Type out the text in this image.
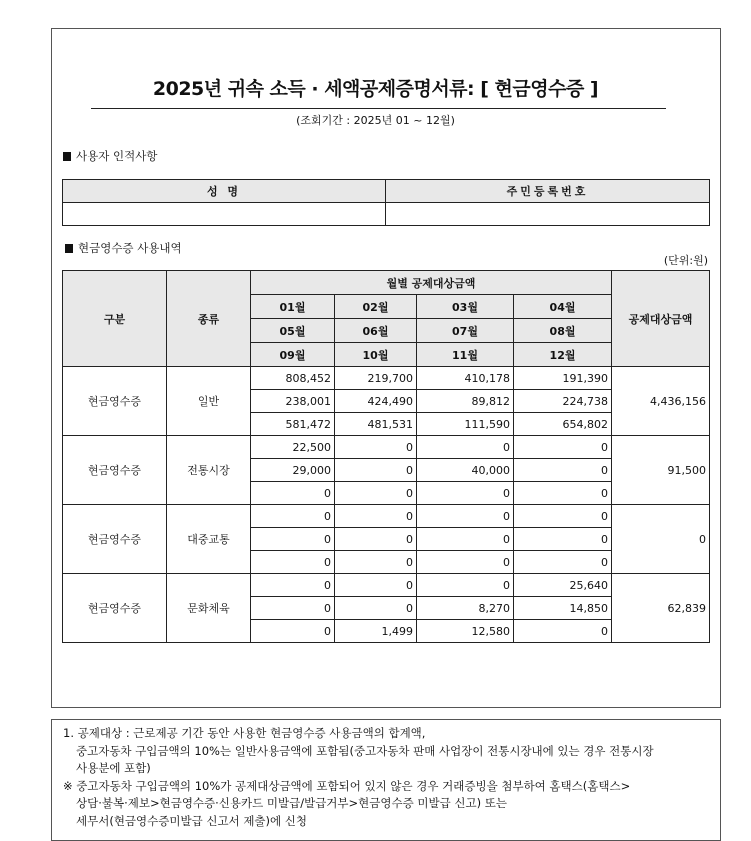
2025년 귀속 소득 · 세액공제증명서류: [ 현금영수증 ]
(조회기간 : 2025년 01 ~ 12월)
사용자 인적사항
성 명	주민등록번호

현금영수증 사용내역
(단위:원)
구분	종류	월별 공제대상금액				공제대상금액
		01월	02월	03월	04월	
		05월	06월	07월	08월	
		09월	10월	11월	12월	
현금영수증	일반	808,452	219,700	410,178	191,390	4,436,156
		238,001	424,490	89,812	224,738	
		581,472	481,531	111,590	654,802	
현금영수증	전통시장	22,500	0	0	0	91,500
		29,000	0	40,000	0	
		0	0	0	0	
현금영수증	대중교통	0	0	0	0	0
		0	0	0	0	
		0	0	0	0	
현금영수증	문화체육	0	0	0	25,640	62,839
		0	0	8,270	14,850	
		0	1,499	12,580	0	
1. 공제대상 : 근로제공 기간 동안 사용한 현금영수증 사용금액의 합계액,
중고자동차 구입금액의 10%는 일반사용금액에 포함됨(중고자동차 판매 사업장이 전통시장내에 있는 경우 전통시장
사용분에 포함)
※ 중고자동차 구입금액의 10%가 공제대상금액에 포함되어 있지 않은 경우 거래증빙을 첨부하여 홈택스(홈택스>
상담·불복·제보>현금영수증·신용카드 미발급/발급거부>현금영수증 미발급 신고) 또는
세무서(현금영수증미발급 신고서 제출)에 신청
